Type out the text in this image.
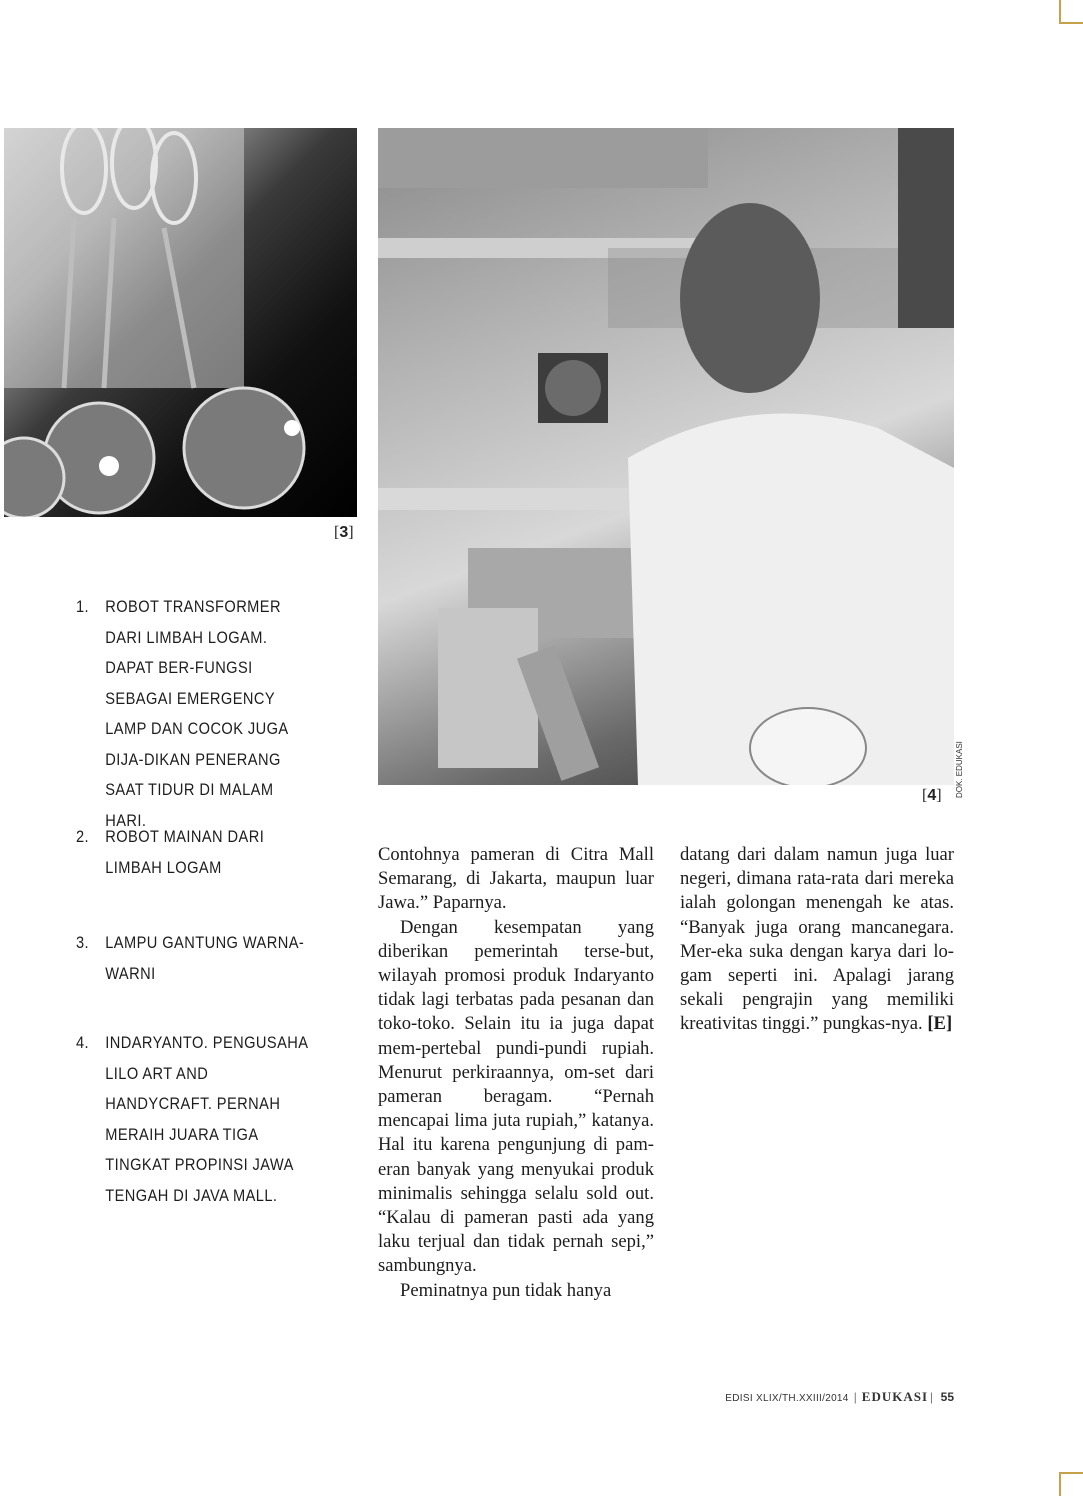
[3]
DOK. EDUKASI
[4]
1. ROBOT TRANSFORMER DARI LIMBAH LOGAM. DAPAT BER-FUNGSI SEBAGAI EMERGENCY LAMP DAN COCOK JUGA DIJA-DIKAN PENERANG SAAT TIDUR DI MALAM HARI.
2. ROBOT MAINAN DARI LIMBAH LOGAM
3. LAMPU GANTUNG WARNA-WARNI
4. INDARYANTO. PENGUSAHA LILO ART AND HANDYCRAFT. PERNAH MERAIH JUARA TIGA TINGKAT PROPINSI JAWA TENGAH DI JAVA MALL.

Contohnya pameran di Citra Mall Semarang, di Jakarta, maupun luar Jawa.” Paparnya.

Dengan kesempatan yang diberikan pemerintah terse-but, wilayah promosi produk Indaryanto tidak lagi terbatas pada pesanan dan toko-toko. Selain itu ia juga dapat mem-pertebal pundi-pundi rupiah. Menurut perkiraannya, om-set dari pameran beragam. “Pernah mencapai lima juta rupiah,” katanya. Hal itu karena pengunjung di pam-eran banyak yang menyukai produk minimalis sehingga selalu sold out. “Kalau di pameran pasti ada yang laku terjual dan tidak pernah sepi,” sambungnya.

Peminatnya pun tidak hanya

datang dari dalam namun juga luar negeri, dimana rata-rata dari mereka ialah golongan menengah ke atas. “Banyak juga orang mancanegara. Mer-eka suka dengan karya dari lo-gam seperti ini. Apalagi jarang sekali pengrajin yang memiliki kreativitas tinggi.” pungkas-nya. [E]

EDISI XLIX/TH.XXIII/2014 | EDUKASI | 55
